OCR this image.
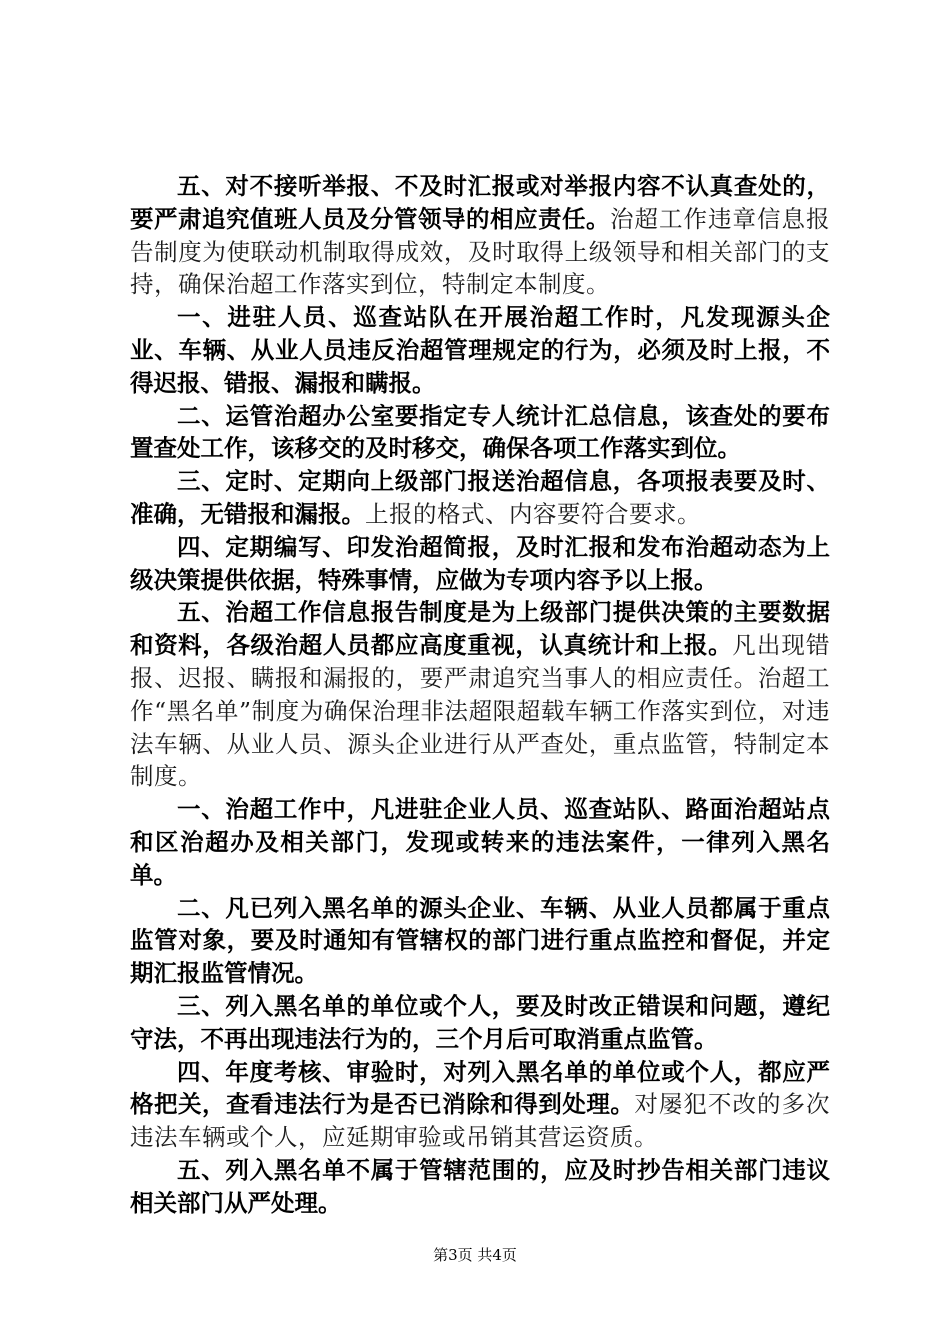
五、对不接听举报、不及时汇报或对举报内容不认真查处的，要严肃追究值班人员及分管领导的相应责任。治超工作违章信息报告制度为使联动机制取得成效，及时取得上级领导和相关部门的支持，确保治超工作落实到位，特制定本制度。

一、进驻人员、巡查站队在开展治超工作时，凡发现源头企业、车辆、从业人员违反治超管理规定的行为，必须及时上报，不得迟报、错报、漏报和瞒报。

二、运管治超办公室要指定专人统计汇总信息，该查处的要布置查处工作，该移交的及时移交，确保各项工作落实到位。

三、定时、定期向上级部门报送治超信息，各项报表要及时、准确，无错报和漏报。上报的格式、内容要符合要求。

四、定期编写、印发治超简报，及时汇报和发布治超动态为上级决策提供依据，特殊事情，应做为专项内容予以上报。

五、治超工作信息报告制度是为上级部门提供决策的主要数据和资料，各级治超人员都应高度重视，认真统计和上报。凡出现错报、迟报、瞒报和漏报的，要严肃追究当事人的相应责任。治超工作“黑名单”制度为确保治理非法超限超载车辆工作落实到位，对违法车辆、从业人员、源头企业进行从严查处，重点监管，特制定本制度。

一、治超工作中，凡进驻企业人员、巡查站队、路面治超站点和区治超办及相关部门，发现或转来的违法案件，一律列入黑名单。

二、凡已列入黑名单的源头企业、车辆、从业人员都属于重点监管对象，要及时通知有管辖权的部门进行重点监控和督促，并定期汇报监管情况。

三、列入黑名单的单位或个人，要及时改正错误和问题，遵纪守法，不再出现违法行为的，三个月后可取消重点监管。

四、年度考核、审验时，对列入黑名单的单位或个人，都应严格把关，查看违法行为是否已消除和得到处理。对屡犯不改的多次违法车辆或个人，应延期审验或吊销其营运资质。

五、列入黑名单不属于管辖范围的，应及时抄告相关部门违议相关部门从严处理。

第3页 共4页
